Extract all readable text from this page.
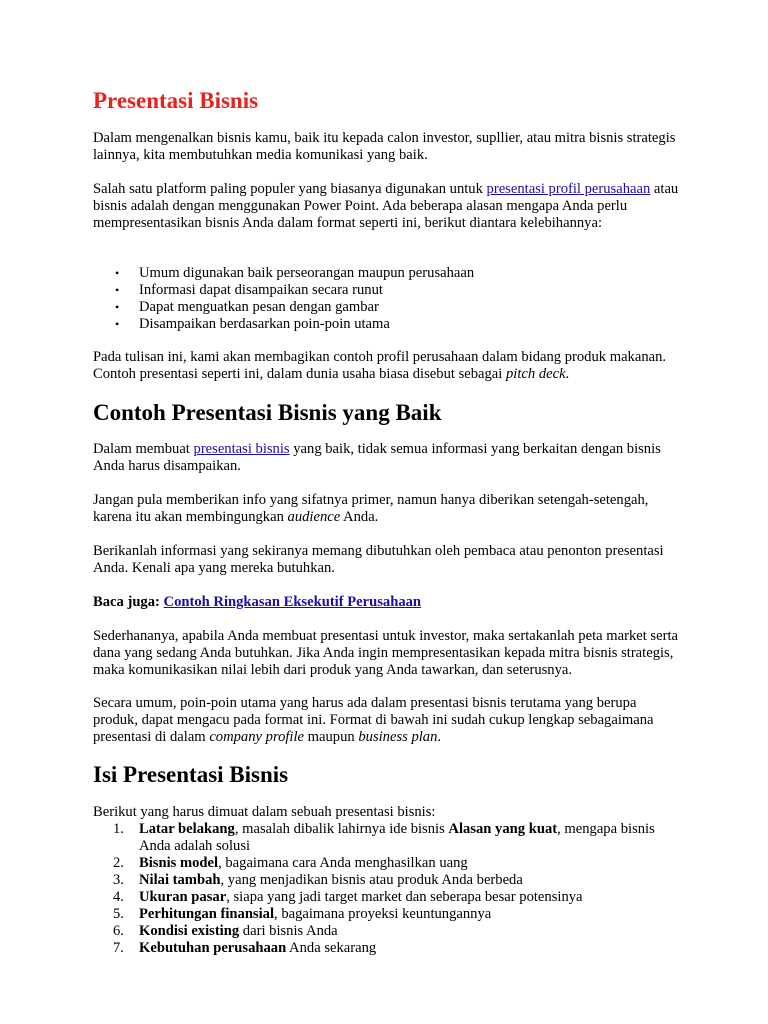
Presentasi Bisnis

Dalam mengenalkan bisnis kamu, baik itu kepada calon investor, supllier, atau mitra bisnis strategis lainnya, kita membutuhkan media komunikasi yang baik.

Salah satu platform paling populer yang biasanya digunakan untuk presentasi profil perusahaan atau bisnis adalah dengan menggunakan Power Point. Ada beberapa alasan mengapa Anda perlu mempresentasikan bisnis Anda dalam format seperti ini, berikut diantara kelebihannya:

• Umum digunakan baik perseorangan maupun perusahaan
• Informasi dapat disampaikan secara runut
• Dapat menguatkan pesan dengan gambar
• Disampaikan berdasarkan poin-poin utama

Pada tulisan ini, kami akan membagikan contoh profil perusahaan dalam bidang produk makanan. Contoh presentasi seperti ini, dalam dunia usaha biasa disebut sebagai pitch deck.

Contoh Presentasi Bisnis yang Baik

Dalam membuat presentasi bisnis yang baik, tidak semua informasi yang berkaitan dengan bisnis Anda harus disampaikan.

Jangan pula memberikan info yang sifatnya primer, namun hanya diberikan setengah-setengah, karena itu akan membingungkan audience Anda.

Berikanlah informasi yang sekiranya memang dibutuhkan oleh pembaca atau penonton presentasi Anda. Kenali apa yang mereka butuhkan.

Baca juga: Contoh Ringkasan Eksekutif Perusahaan

Sederhananya, apabila Anda membuat presentasi untuk investor, maka sertakanlah peta market serta dana yang sedang Anda butuhkan. Jika Anda ingin mempresentasikan kepada mitra bisnis strategis, maka komunikasikan nilai lebih dari produk yang Anda tawarkan, dan seterusnya.

Secara umum, poin-poin utama yang harus ada dalam presentasi bisnis terutama yang berupa produk, dapat mengacu pada format ini. Format di bawah ini sudah cukup lengkap sebagaimana presentasi di dalam company profile maupun business plan.

Isi Presentasi Bisnis

Berikut yang harus dimuat dalam sebuah presentasi bisnis:

1. Latar belakang, masalah dibalik lahirnya ide bisnis Alasan yang kuat, mengapa bisnis Anda adalah solusi
2. Bisnis model, bagaimana cara Anda menghasilkan uang
3. Nilai tambah, yang menjadikan bisnis atau produk Anda berbeda
4. Ukuran pasar, siapa yang jadi target market dan seberapa besar potensinya
5. Perhitungan finansial, bagaimana proyeksi keuntungannya
6. Kondisi existing dari bisnis Anda
7. Kebutuhan perusahaan Anda sekarang
